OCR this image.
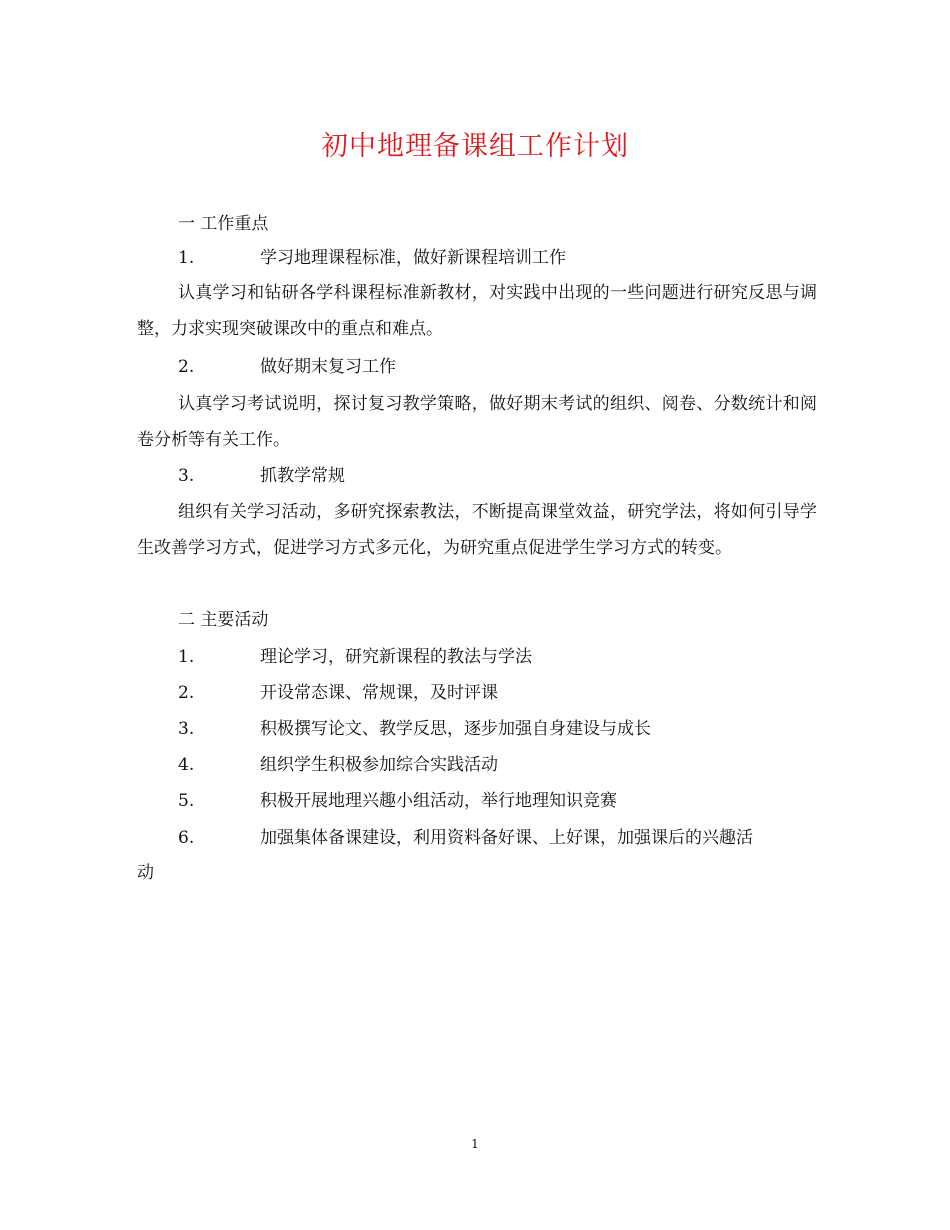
初中地理备课组工作计划
一 工作重点
1.	学习地理课程标准，做好新课程培训工作
认真学习和钻研各学科课程标准新教材，对实践中出现的一些问题进行研究反思与调整，力求实现突破课改中的重点和难点。
2.	做好期末复习工作
认真学习考试说明，探讨复习教学策略，做好期末考试的组织、阅卷、分数统计和阅卷分析等有关工作。
3.	抓教学常规
组织有关学习活动，多研究探索教法，不断提高课堂效益，研究学法，将如何引导学生改善学习方式，促进学习方式多元化，为研究重点促进学生学习方式的转变。
二 主要活动
1.	理论学习，研究新课程的教法与学法
2.	开设常态课、常规课，及时评课
3.	积极撰写论文、教学反思，逐步加强自身建设与成长
4.	组织学生积极参加综合实践活动
5.	积极开展地理兴趣小组活动，举行地理知识竞赛
6.	加强集体备课建设，利用资料备好课、上好课，加强课后的兴趣活
动
1
